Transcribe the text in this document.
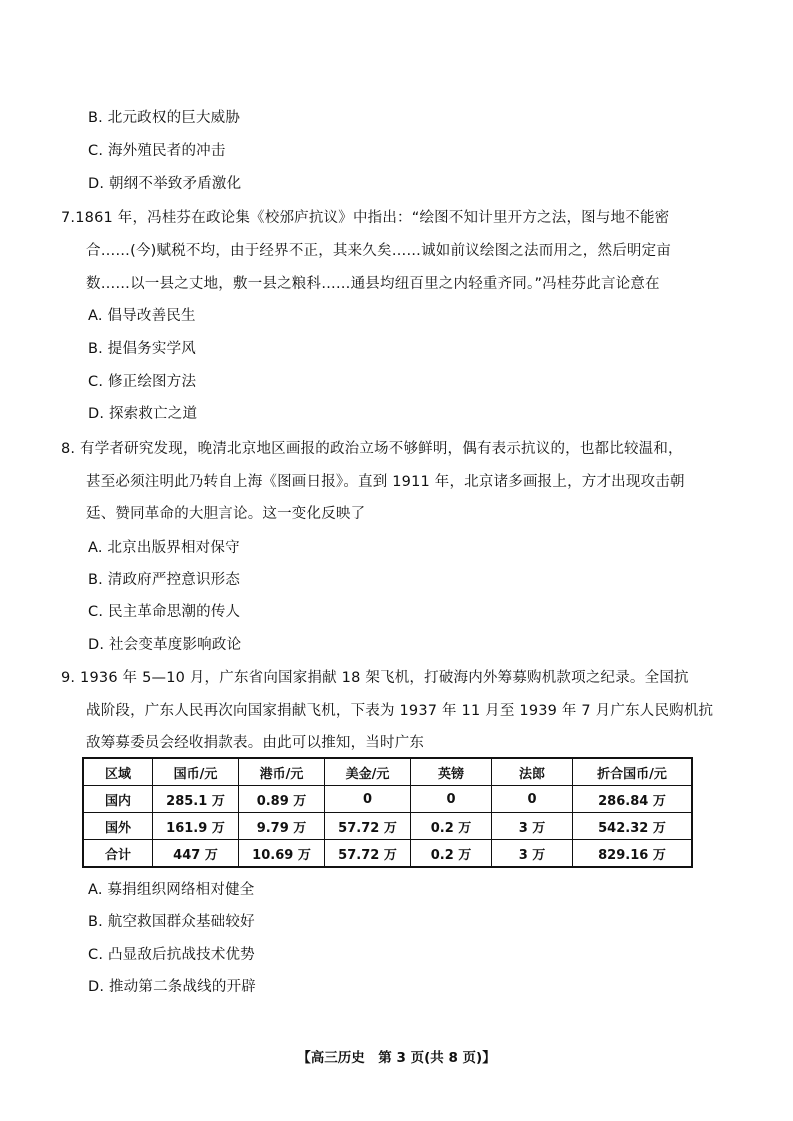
B. 北元政权的巨大威胁
C. 海外殖民者的冲击
D. 朝纲不举致矛盾激化
7.1861 年，冯桂芬在政论集《校邠庐抗议》中指出：“绘图不知计里开方之法，图与地不能密
合……(今)赋税不均，由于经界不正，其来久矣……诚如前议绘图之法而用之，然后明定亩
数……以一县之丈地，敷一县之粮科……通县均纽百里之内轻重齐同。”冯桂芬此言论意在
A. 倡导改善民生
B. 提倡务实学风
C. 修正绘图方法
D. 探索救亡之道
8. 有学者研究发现，晚清北京地区画报的政治立场不够鲜明，偶有表示抗议的，也都比较温和，
甚至必须注明此乃转自上海《图画日报》。直到 1911 年，北京诸多画报上，方才出现攻击朝
廷、赞同革命的大胆言论。这一变化反映了
A. 北京出版界相对保守
B. 清政府严控意识形态
C. 民主革命思潮的传人
D. 社会变革度影响政论
9. 1936 年 5—10 月，广东省向国家捐献 18 架飞机，打破海内外筹募购机款项之纪录。全国抗
战阶段，广东人民再次向国家捐献飞机，下表为 1937 年 11 月至 1939 年 7 月广东人民购机抗
敌筹募委员会经收捐款表。由此可以推知，当时广东
区域	国币/元	港币/元	美金/元	英镑	法郎	折合国币/元
国内	285.1 万	0.89 万	0	0	0	286.84 万
国外	161.9 万	9.79 万	57.72 万	0.2 万	3 万	542.32 万
合计	447 万	10.69 万	57.72 万	0.2 万	3 万	829.16 万
A. 募捐组织网络相对健全
B. 航空救国群众基础较好
C. 凸显敌后抗战技术优势
D. 推动第二条战线的开辟
【高三历史　第 3 页(共 8 页)】
